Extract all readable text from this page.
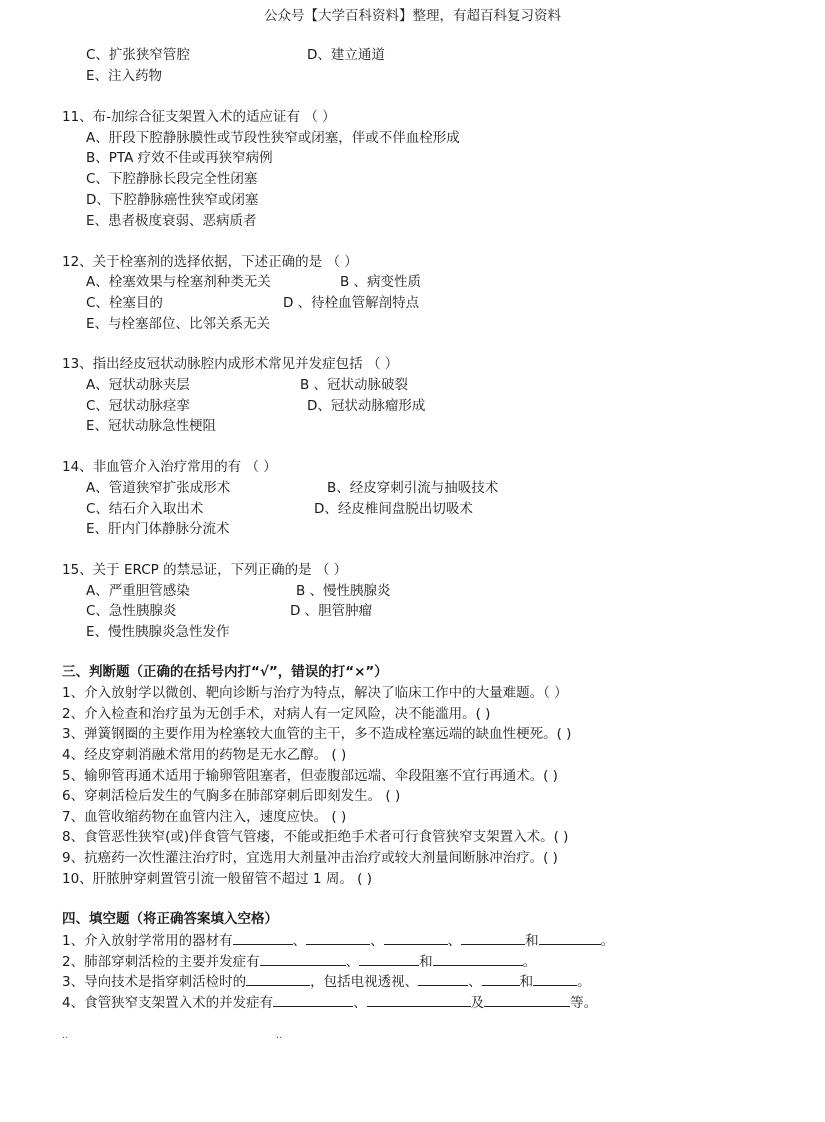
公众号【大学百科资料】整理，有超百科复习资料
C、扩张狭窄管腔	D、建立通道
E、注入药物
11、布-加综合征支架置入术的适应证有 （ ）
A、肝段下腔静脉膜性或节段性狭窄或闭塞，伴或不伴血栓形成
B、PTA 疗效不佳或再狭窄病例
C、下腔静脉长段完全性闭塞
D、下腔静脉癌性狭窄或闭塞
E、患者极度衰弱、恶病质者
12、关于栓塞剂的选择依据，下述正确的是 （ ）
A、栓塞效果与栓塞剂种类无关	B 、病变性质
C、栓塞目的	D 、待栓血管解剖特点
E、与栓塞部位、比邻关系无关
13、指出经皮冠状动脉腔内成形术常见并发症包括 （ ）
A、冠状动脉夹层	B 、冠状动脉破裂
C、冠状动脉痉挛	D、冠状动脉瘤形成
E、冠状动脉急性梗阻
14、非血管介入治疗常用的有 （ ）
A、管道狭窄扩张成形术	B、经皮穿刺引流与抽吸技术
C、结石介入取出术	D、经皮椎间盘脱出切吸术
E、肝内门体静脉分流术
15、关于 ERCP 的禁忌证，下列正确的是 （ ）
A、严重胆管感染	B 、慢性胰腺炎
C、急性胰腺炎	D 、胆管肿瘤
E、慢性胰腺炎急性发作
三、判断题（正确的在括号内打“√”，错误的打“×”）
1、介入放射学以微创、靶向诊断与治疗为特点，解决了临床工作中的大量难题。（ ）
2、介入检查和治疗虽为无创手术，对病人有一定风险，决不能滥用。( )
3、弹簧钢圈的主要作用为栓塞较大血管的主干，多不造成栓塞远端的缺血性梗死。( )
4、经皮穿刺消融术常用的药物是无水乙醇。 ( )
5、输卵管再通术适用于输卵管阻塞者，但壶腹部远端、伞段阻塞不宜行再通术。( )
6、穿刺活检后发生的气胸多在肺部穿刺后即刻发生。 ( )
7、血管收缩药物在血管内注入，速度应快。 ( )
8、食管恶性狭窄(或)伴食管气管瘘，不能或拒绝手术者可行食管狭窄支架置入术。( )
9、抗癌药一次性灌注治疗时，宜选用大剂量冲击治疗或较大剂量间断脉冲治疗。( )
10、肝脓肿穿刺置管引流一般留管不超过 1 周。 ( )
四、填空题（将正确答案填入空格）
1、介入放射学常用的器材有	、	、	、	和	。
2、肺部穿刺活检的主要并发症有	、	和	。
3、导向技术是指穿刺活检时的	，包括电视透视、	、	和	。
4、食管狭窄支架置入术的并发症有	、	及	等。
..	..
